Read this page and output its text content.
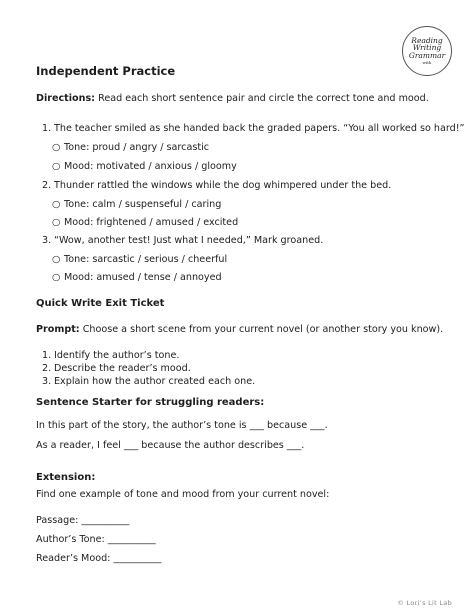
Reading
Writing
Grammar
with
Independent Practice
Directions: Read each short sentence pair and circle the correct tone and mood.
1. The teacher smiled as she handed back the graded papers. “You all worked so hard!”
○ Tone: proud / angry / sarcastic
○ Mood: motivated / anxious / gloomy
2. Thunder rattled the windows while the dog whimpered under the bed.
○ Tone: calm / suspenseful / caring
○ Mood: frightened / amused / excited
3. “Wow, another test! Just what I needed,” Mark groaned.
○ Tone: sarcastic / serious / cheerful
○ Mood: amused / tense / annoyed
Quick Write Exit Ticket
Prompt: Choose a short scene from your current novel (or another story you know).
1. Identify the author’s tone.
2. Describe the reader’s mood.
3. Explain how the author created each one.
Sentence Starter for struggling readers:
In this part of the story, the author’s tone is ___ because ___.
As a reader, I feel ___ because the author describes ___.
Extension:
Find one example of tone and mood from your current novel:
Passage: __________
Author’s Tone: __________
Reader’s Mood: __________
© Lori’s Lit Lab
